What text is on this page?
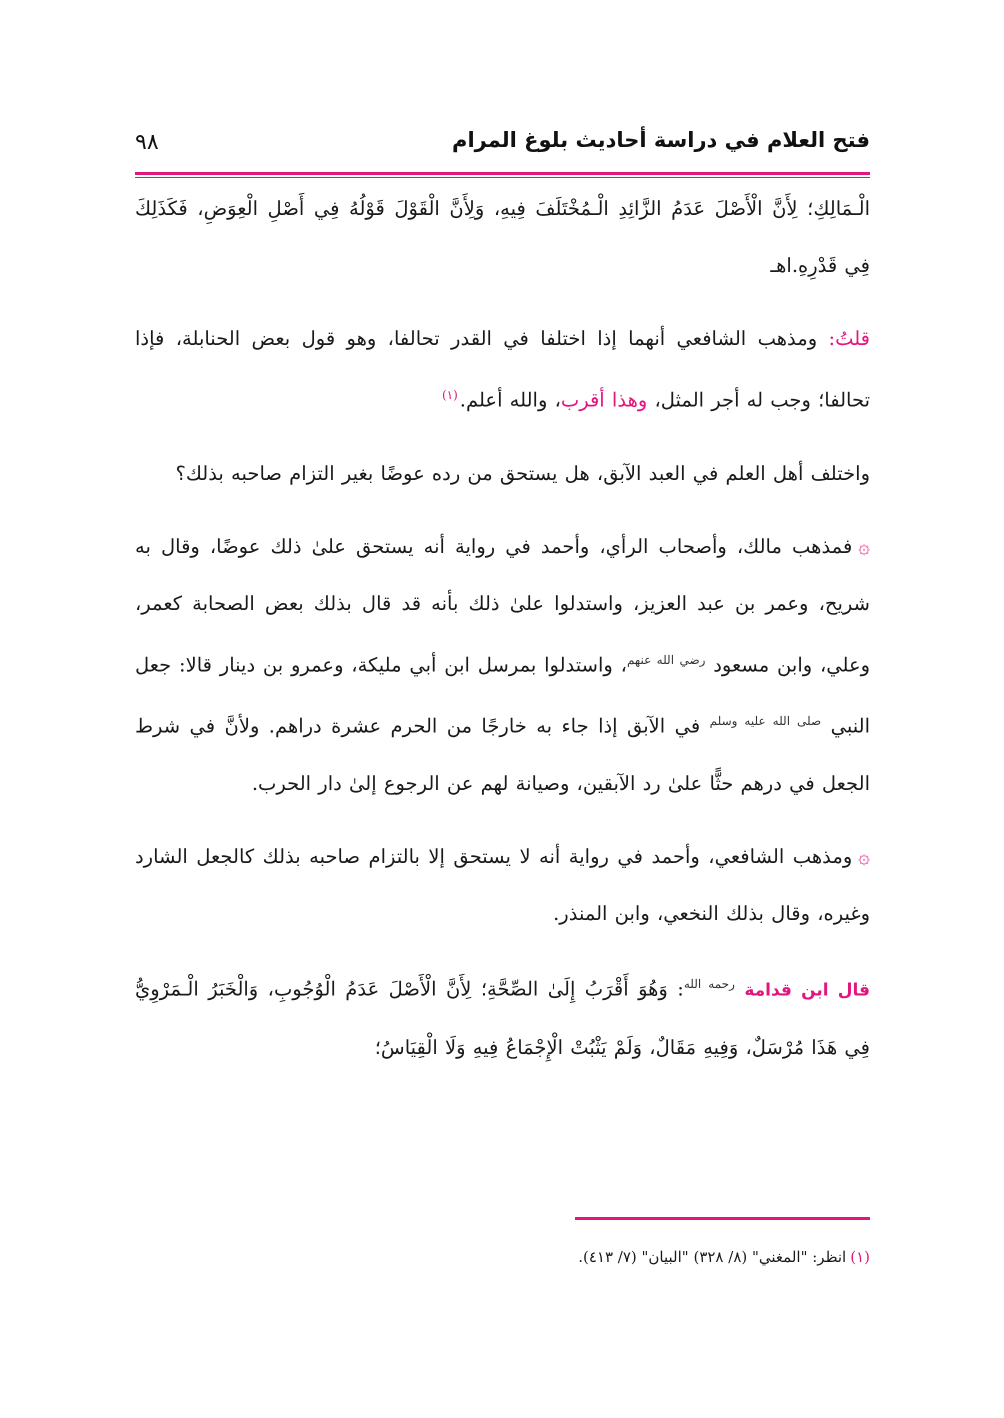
فتح العلام في دراسة أحاديث بلوغ المرام
٩٨

الْـمَالِكِ؛ لِأَنَّ الْأَصْلَ عَدَمُ الزَّائِدِ الْـمُخْتَلَفَ فِيهِ، وَلِأَنَّ الْقَوْلَ قَوْلُهُ فِي أَصْلِ الْعِوَضِ، فَكَذَلِكَ فِي قَدْرِهِ.اهـ

قلتُ: ومذهب الشافعي أنهما إذا اختلفا في القدر تحالفا، وهو قول بعض الحنابلة، فإذا تحالفا؛ وجب له أجر المثل، وهذا أقرب، والله أعلم.$^{(١)}$

واختلف أهل العلم في العبد الآبق، هل يستحق من رده عوضًا بغير التزام صاحبه بذلك؟

۞فمذهب مالك، وأصحاب الرأي، وأحمد في رواية أنه يستحق علىٰ ذلك عوضًا، وقال به شريح، وعمر بن عبد العزيز، واستدلوا علىٰ ذلك بأنه قد قال بذلك بعض الصحابة كعمر، وعلي، وابن مسعود $^{رضي الله عنهم}$، واستدلوا بمرسل ابن أبي مليكة، وعمرو بن دينار قالا: جعل النبي $^{صلى الله عليه وسلم}$ في الآبق إذا جاء به خارجًا من الحرم عشرة دراهم. ولأنَّ في شرط الجعل في درهم حثًّا علىٰ رد الآبقين، وصيانة لهم عن الرجوع إلىٰ دار الحرب.

۞ومذهب الشافعي، وأحمد في رواية أنه لا يستحق إلا بالتزام صاحبه بذلك كالجعل الشارد وغيره، وقال بذلك النخعي، وابن المنذر.

قال ابن قدامة $^{رحمه الله}$: وَهُوَ أَقْرَبُ إِلَىٰ الصِّحَّةِ؛ لِأَنَّ الْأَصْلَ عَدَمُ الْوُجُوبِ، وَالْخَبَرُ الْـمَرْوِيُّ فِي هَذَا مُرْسَلٌ، وَفِيهِ مَقَالٌ، وَلَمْ يَثْبُتْ الْإِجْمَاعُ فِيهِ وَلَا الْقِيَاسُ؛

(١)انظر: "المغني" (٨/ ٣٢٨) "البيان" (٧/ ٤١٣).
